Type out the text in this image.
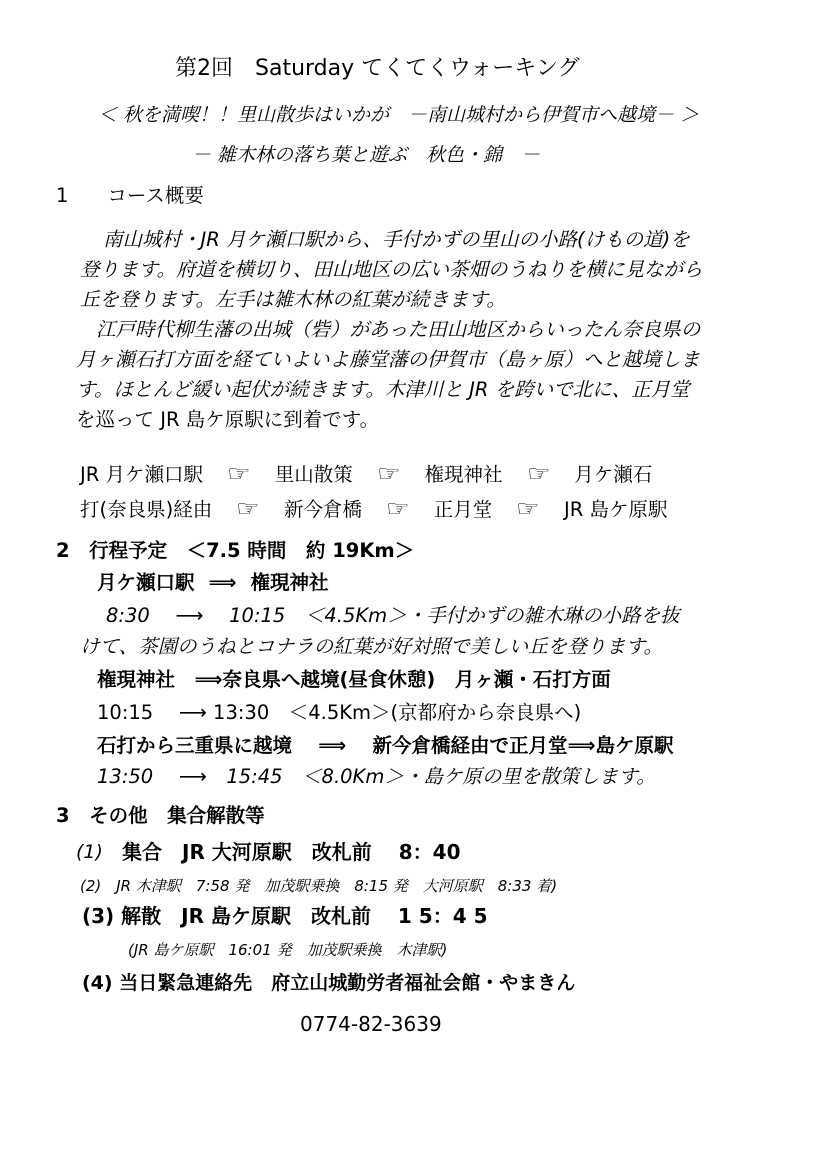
第2回　Saturday てくてくウォーキング
＜ 秋を満喫！！里山散歩はいかが　－南山城村から伊賀市へ越境－ ＞
－ 雑木林の落ち葉と遊ぶ　秋色・錦　－
1　　コース概要
南山城村・JR 月ケ瀬口駅から、手付かずの里山の小路(けもの道)を
登ります。府道を横切り、田山地区の広い茶畑のうねりを横に見ながら
丘を登ります。左手は雑木林の紅葉が続きます。
江戸時代柳生藩の出城（砦）があった田山地区からいったん奈良県の
月ヶ瀬石打方面を経ていよいよ藤堂藩の伊賀市（島ヶ原）へと越境しま
す。ほとんど緩い起伏が続きます。木津川と JR を跨いで北に、正月堂
を巡って JR 島ケ原駅に到着です。
JR 月ケ瀬口駅 ☞ 里山散策 ☞ 権現神社 ☞ 月ケ瀬石
打(奈良県)経由 ☞ 新今倉橋 ☞ 正月堂 ☞ JR 島ケ原駅
2　行程予定　＜7.5 時間　約 19Km＞
月ケ瀬口駅 ⟹ 権現神社
8:30　 ⟶　 10:15　＜4.5Km＞・手付かずの雑木琳の小路を抜
けて、茶園のうねとコナラの紅葉が好対照で美しい丘を登ります。
権現神社　⟹奈良県へ越境(昼食休憩)　月ヶ瀬・石打方面
10:15　 ⟶ 13:30　＜4.5Km＞(京都府から奈良県へ)
石打から三重県に越境　 ⟹　 新今倉橋経由で正月堂⟹島ケ原駅
13:50　 ⟶　15:45　＜8.0Km＞・島ケ原の里を散策します。
3　その他　集合解散等
(1) 集合　JR 大河原駅　改札前　 8：40
(2)　JR 木津駅　7:58 発　加茂駅乗換　8:15 発　大河原駅　8:33 着)
(3) 解散　JR 島ケ原駅　改札前　 1 5：4 5
(JR 島ケ原駅　16:01 発　加茂駅乗換　木津駅)
(4) 当日緊急連絡先　府立山城勤労者福祉会館・やまきん
0774-82-3639
